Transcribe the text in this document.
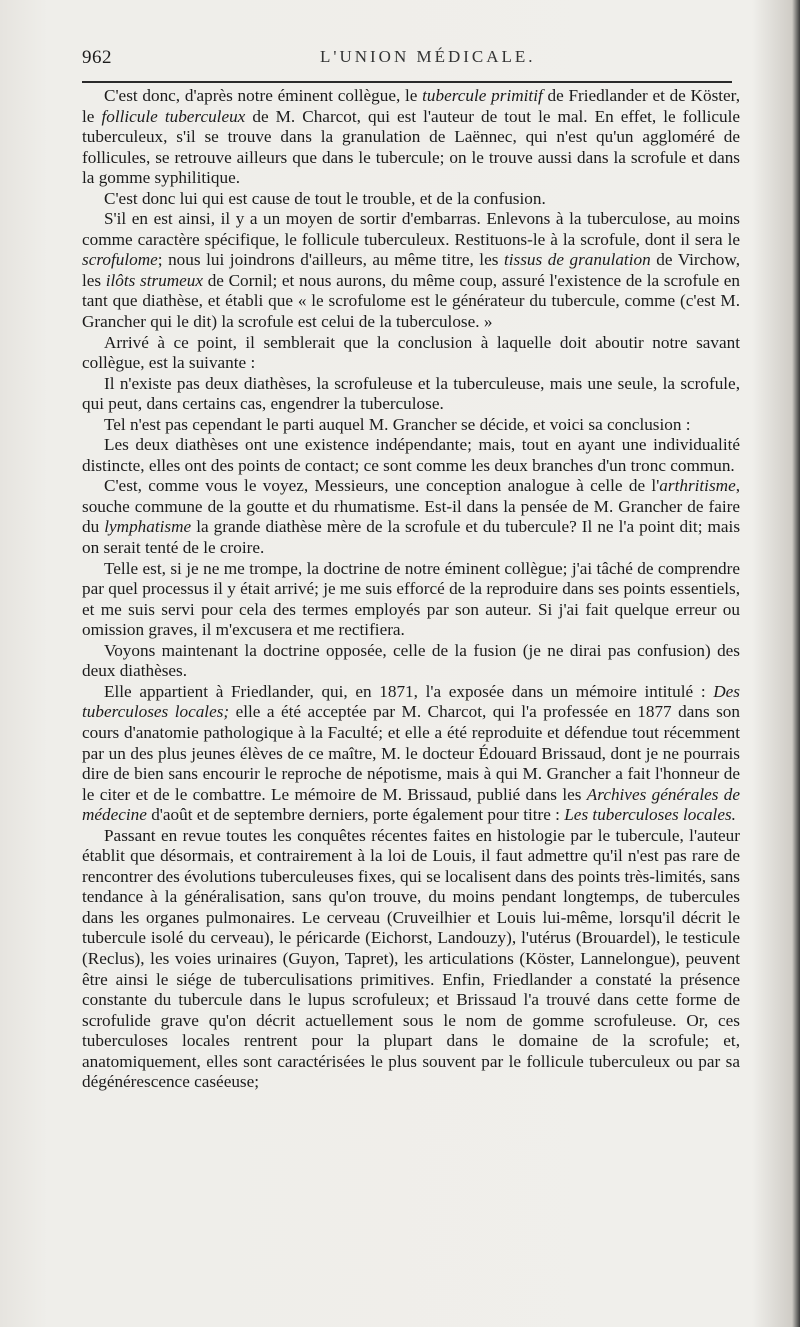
962	L'UNION MÉDICALE.

C'est donc, d'après notre éminent collègue, le tubercule primitif de Friedlander et de Köster, le follicule tuberculeux de M. Charcot, qui est l'auteur de tout le mal. En effet, le follicule tuberculeux, s'il se trouve dans la granulation de Laënnec, qui n'est qu'un aggloméré de follicules, se retrouve ailleurs que dans le tubercule; on le trouve aussi dans la scrofule et dans la gomme syphilitique.

C'est donc lui qui est cause de tout le trouble, et de la confusion.

S'il en est ainsi, il y a un moyen de sortir d'embarras. Enlevons à la tuberculose, au moins comme caractère spécifique, le follicule tuberculeux. Restituons-le à la scrofule, dont il sera le scrofulome; nous lui joindrons d'ailleurs, au même titre, les tissus de granulation de Virchow, les ilôts strumeux de Cornil; et nous aurons, du même coup, assuré l'existence de la scrofule en tant que diathèse, et établi que « le scrofulome est le générateur du tubercule, comme (c'est M. Grancher qui le dit) la scrofule est celui de la tuberculose. »

Arrivé à ce point, il semblerait que la conclusion à laquelle doit aboutir notre savant collègue, est la suivante :

Il n'existe pas deux diathèses, la scrofuleuse et la tuberculeuse, mais une seule, la scrofule, qui peut, dans certains cas, engendrer la tuberculose.

Tel n'est pas cependant le parti auquel M. Grancher se décide, et voici sa conclusion :

Les deux diathèses ont une existence indépendante; mais, tout en ayant une individualité distincte, elles ont des points de contact; ce sont comme les deux branches d'un tronc commun.

C'est, comme vous le voyez, Messieurs, une conception analogue à celle de l'arthritisme, souche commune de la goutte et du rhumatisme. Est-il dans la pensée de M. Grancher de faire du lymphatisme la grande diathèse mère de la scrofule et du tubercule? Il ne l'a point dit; mais on serait tenté de le croire.

Telle est, si je ne me trompe, la doctrine de notre éminent collègue; j'ai tâché de comprendre par quel processus il y était arrivé; je me suis efforcé de la reproduire dans ses points essentiels, et me suis servi pour cela des termes employés par son auteur. Si j'ai fait quelque erreur ou omission graves, il m'excusera et me rectifiera.

Voyons maintenant la doctrine opposée, celle de la fusion (je ne dirai pas confusion) des deux diathèses.

Elle appartient à Friedlander, qui, en 1871, l'a exposée dans un mémoire intitulé : Des tuberculoses locales; elle a été acceptée par M. Charcot, qui l'a professée en 1877 dans son cours d'anatomie pathologique à la Faculté; et elle a été reproduite et défendue tout récemment par un des plus jeunes élèves de ce maître, M. le docteur Édouard Brissaud, dont je ne pourrais dire de bien sans encourir le reproche de népotisme, mais à qui M. Grancher a fait l'honneur de le citer et de le combattre. Le mémoire de M. Brissaud, publié dans les Archives générales de médecine d'août et de septembre derniers, porte également pour titre : Les tuberculoses locales.

Passant en revue toutes les conquêtes récentes faites en histologie par le tubercule, l'auteur établit que désormais, et contrairement à la loi de Louis, il faut admettre qu'il n'est pas rare de rencontrer des évolutions tuberculeuses fixes, qui se localisent dans des points très-limités, sans tendance à la généralisation, sans qu'on trouve, du moins pendant longtemps, de tubercules dans les organes pulmonaires. Le cerveau (Cruveilhier et Louis lui-même, lorsqu'il décrit le tubercule isolé du cerveau), le péricarde (Eichorst, Landouzy), l'utérus (Brouardel), le testicule (Reclus), les voies urinaires (Guyon, Tapret), les articulations (Köster, Lannelongue), peuvent être ainsi le siége de tuberculisations primitives. Enfin, Friedlander a constaté la présence constante du tubercule dans le lupus scrofuleux; et Brissaud l'a trouvé dans cette forme de scrofulide grave qu'on décrit actuellement sous le nom de gomme scrofuleuse. Or, ces tuberculoses locales rentrent pour la plupart dans le domaine de la scrofule; et, anatomiquement, elles sont caractérisées le plus souvent par le follicule tuberculeux ou par sa dégénérescence caséeuse;
